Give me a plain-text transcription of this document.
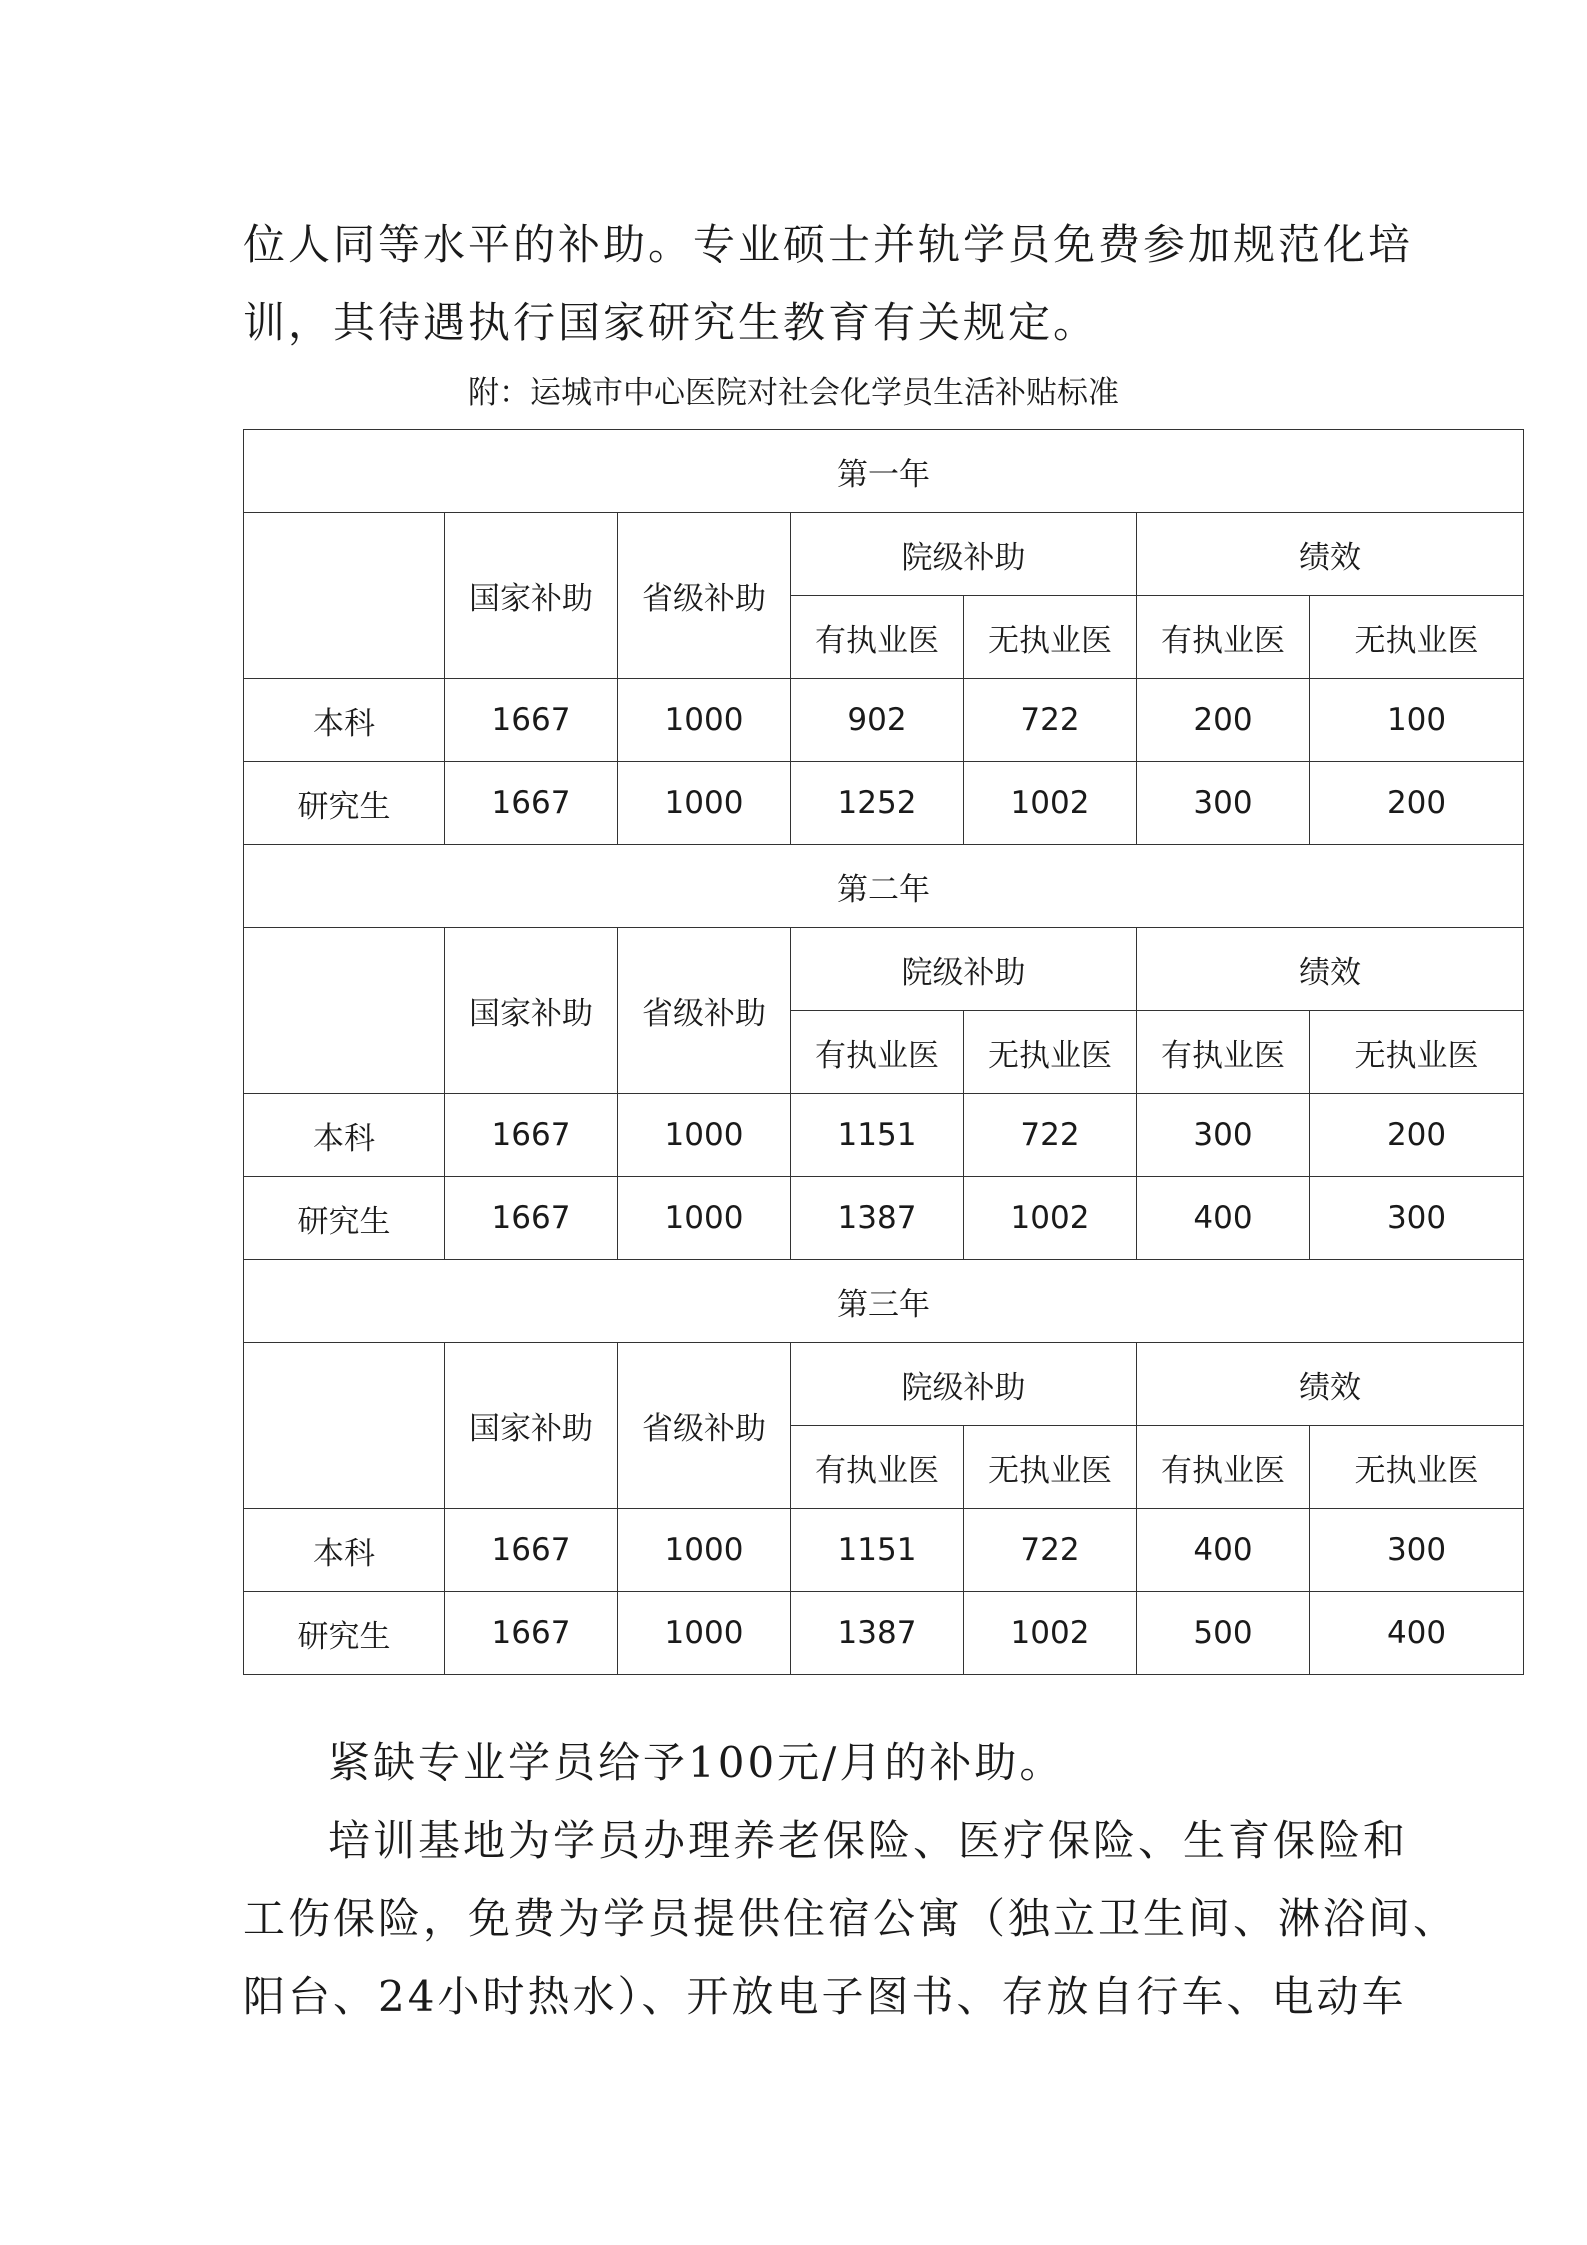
位人同等水平的补助。专业硕士并轨学员免费参加规范化培
训，其待遇执行国家研究生教育有关规定。
附：运城市中心医院对社会化学员生活补贴标准
第一年						
	国家补助	省级补助	院级补助		绩效	
			有执业医	无执业医	有执业医	无执业医
本科	1667	1000	902	722	200	100
研究生	1667	1000	1252	1002	300	200
第二年						
	国家补助	省级补助	院级补助		绩效	
			有执业医	无执业医	有执业医	无执业医
本科	1667	1000	1151	722	300	200
研究生	1667	1000	1387	1002	400	300
第三年						
	国家补助	省级补助	院级补助		绩效	
			有执业医	无执业医	有执业医	无执业医
本科	1667	1000	1151	722	400	300
研究生	1667	1000	1387	1002	500	400
紧缺专业学员给予100元/月的补助。
培训基地为学员办理养老保险、医疗保险、生育保险和
工伤保险，免费为学员提供住宿公寓（独立卫生间、淋浴间、
阳台、24小时热水）、开放电子图书、存放自行车、电动车
